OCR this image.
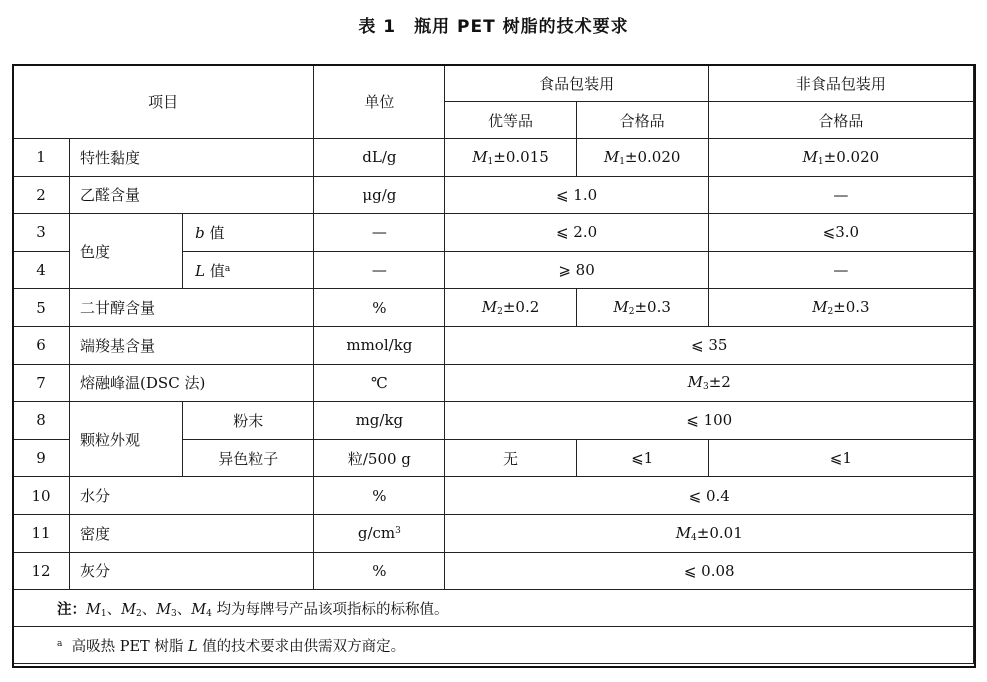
表 1　瓶用 PET 树脂的技术要求
项目			单位	食品包装用		非食品包装用
				优等品	合格品	合格品
1	特性黏度		dL/g	$M_1\pm 0.015$	$M_1\pm 0.020$	$M_1\pm 0.020$
2	乙醛含量		μg/g	⩽ 1.0		—
3	色度	b 值	—	⩽ 2.0		⩽3.0
4		L 值$^a$	—	⩾ 80		—
5	二甘醇含量		%	$M_2\pm 0.2$	$M_2\pm 0.3$	$M_2\pm 0.3$
6	端羧基含量		mmol/kg	⩽ 35		
7	熔融峰温(DSC 法)		℃	$M_3\pm 2$		
8	颗粒外观	粉末	mg/kg	⩽ 100		
9		异色粒子	粒/500 g	无	⩽1	⩽1
10	水分		%	⩽ 0.4		
11	密度		$g/cm^3$	$M_4\pm 0.01$		
12	灰分		%	⩽ 0.08		
注：$M_1$、$M_2$、$M_3$、$M_4$ 均为每牌号产品该项指标的标称值。						
$^a$ 高吸热 PET 树脂 L 值的技术要求由供需双方商定。						
